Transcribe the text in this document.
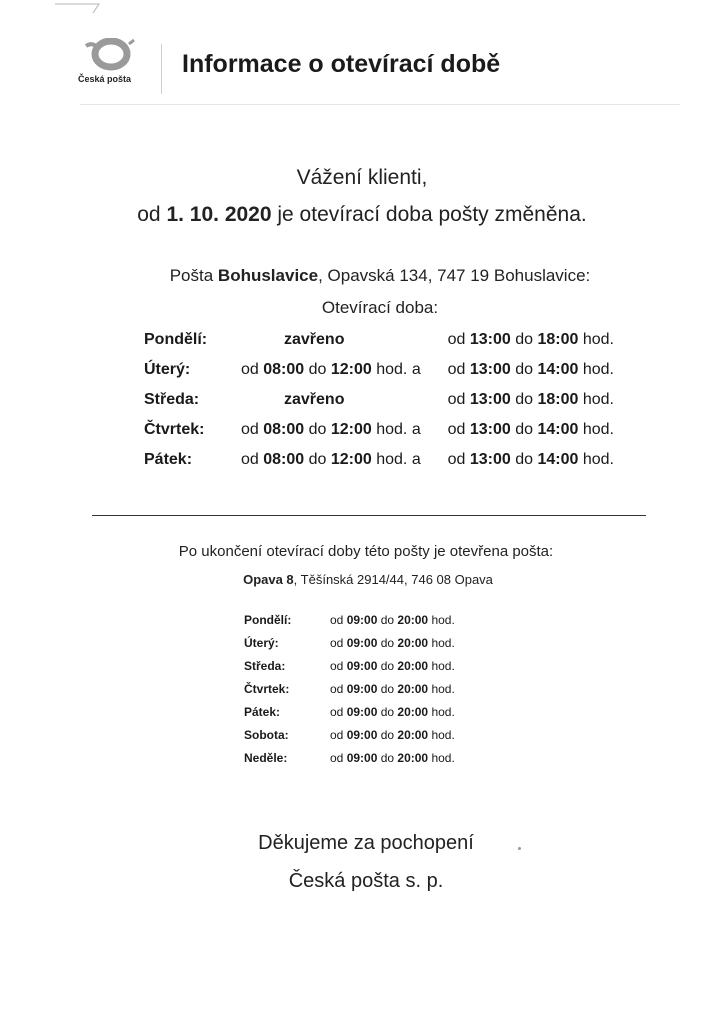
Česká pošta
Informace o otevírací době
Vážení klienti,
od 1. 10. 2020 je otevírací doba pošty změněna.
Pošta Bohuslavice, Opavská 134, 747 19 Bohuslavice:
Otevírací doba:
Pondělí:	zavřeno	od 13:00 do 18:00 hod.
Úterý:	od 08:00 do 12:00 hod. a od 13:00 do 14:00 hod.
Středa:	zavřeno	od 13:00 do 18:00 hod.
Čtvrtek: od 08:00 do 12:00 hod. a od 13:00 do 14:00 hod.
Pátek:	od 08:00 do 12:00 hod. a od 13:00 do 14:00 hod.
Po ukončení otevírací doby této pošty je otevřena pošta:
Opava 8, Těšínská 2914/44, 746 08 Opava
Pondělí:	od 09:00 do 20:00 hod.
Úterý:	od 09:00 do 20:00 hod.
Středa:	od 09:00 do 20:00 hod.
Čtvrtek:	od 09:00 do 20:00 hod.
Pátek:	od 09:00 do 20:00 hod.
Sobota:	od 09:00 do 20:00 hod.
Neděle:	od 09:00 do 20:00 hod.
Děkujeme za pochopení
Česká pošta s. p.
